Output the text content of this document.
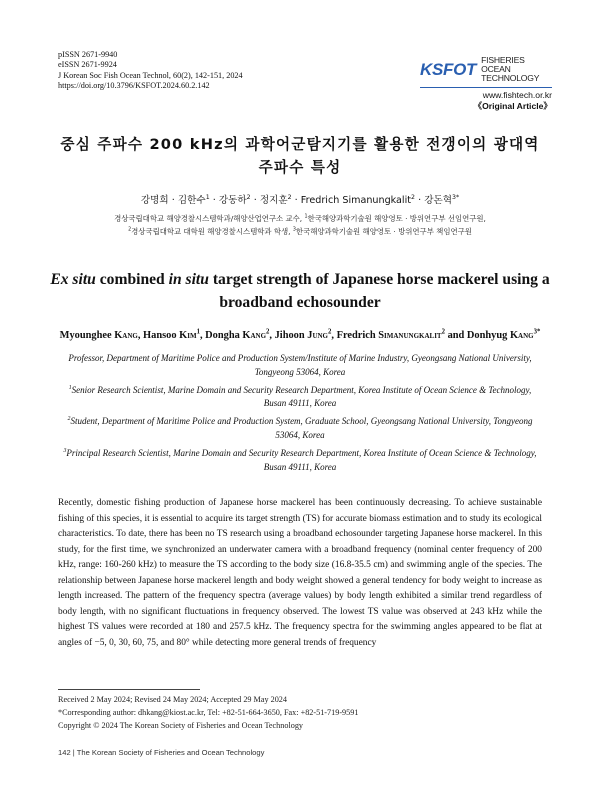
pISSN 2671-9940
eISSN 2671-9924
J Korean Soc Fish Ocean Technol, 60(2), 142-151, 2024
https://doi.org/10.3796/KSFOT.2024.60.2.142
KSFOT FISHERIES OCEAN
TECHNOLOGY
www.fishtech.or.kr
《Original Article》
중심 주파수 200 kHz의 과학어군탐지기를 활용한 전갱이의 광대역
주파수 특성
강명희 · 김한수$^1$ · 강동하$^2$ · 정지훈$^2$ · Fredrich Simanungkalit$^2$ · 강돈혁$^{3*}$
경상국립대학교 해양경찰시스템학과/해양산업연구소 교수, $^1$한국해양과학기술원 해양영토 · 방위연구부 선임연구원,
$^2$경상국립대학교 대학원 해양경찰시스템학과 학생, $^3$한국해양과학기술원 해양영토 · 방위연구부 책임연구원
Ex situ combined in situ target strength of Japanese horse mackerel using a
broadband echosounder
Myounghee Kang, Hansoo Kim$^1$, Dongha Kang$^2$, Jihoon Jung$^2$, Fredrich Simanungkalit$^2$ and Donhyug Kang$^{3*}$

Professor, Department of Maritime Police and Production System/Institute of Marine Industry, Gyeongsang National University,
Tongyeong 53064, Korea

$^1$Senior Research Scientist, Marine Domain and Security Research Department, Korea Institute of Ocean Science & Technology,
Busan 49111, Korea

$^2$Student, Department of Maritime Police and Production System, Graduate School, Gyeongsang National University, Tongyeong
53064, Korea

$^3$Principal Research Scientist, Marine Domain and Security Research Department, Korea Institute of Ocean Science & Technology,
Busan 49111, Korea

Recently, domestic fishing production of Japanese horse mackerel has been continuously decreasing. To achieve sustainable fishing of this species, it is essential to acquire its target strength (TS) for accurate biomass estimation and to study its ecological characteristics. To date, there has been no TS research using a broadband echosounder targeting Japanese horse mackerel. In this study, for the first time, we synchronized an underwater camera with a broadband frequency (nominal center frequency of 200 kHz, range: 160-260 kHz) to measure the TS according to the body size (16.8-35.5 cm) and swimming angle of the species. The relationship between Japanese horse mackerel length and body weight showed a general tendency for body weight to increase as length increased. The pattern of the frequency spectra (average values) by body length exhibited a similar trend regardless of body length, with no significant fluctuations in frequency observed. The lowest TS value was observed at 243 kHz while the highest TS values were recorded at 180 and 257.5 kHz. The frequency spectra for the swimming angles appeared to be flat at angles of −5, 0, 30, 60, 75, and 80° while detecting more general trends of frequency

Received 2 May 2024; Revised 24 May 2024; Accepted 29 May 2024
*Corresponding author: dhkang@kiost.ac.kr, Tel: +82-51-664-3650, Fax: +82-51-719-9591
Copyright © 2024 The Korean Society of Fisheries and Ocean Technology
142 | The Korean Society of Fisheries and Ocean Technology
